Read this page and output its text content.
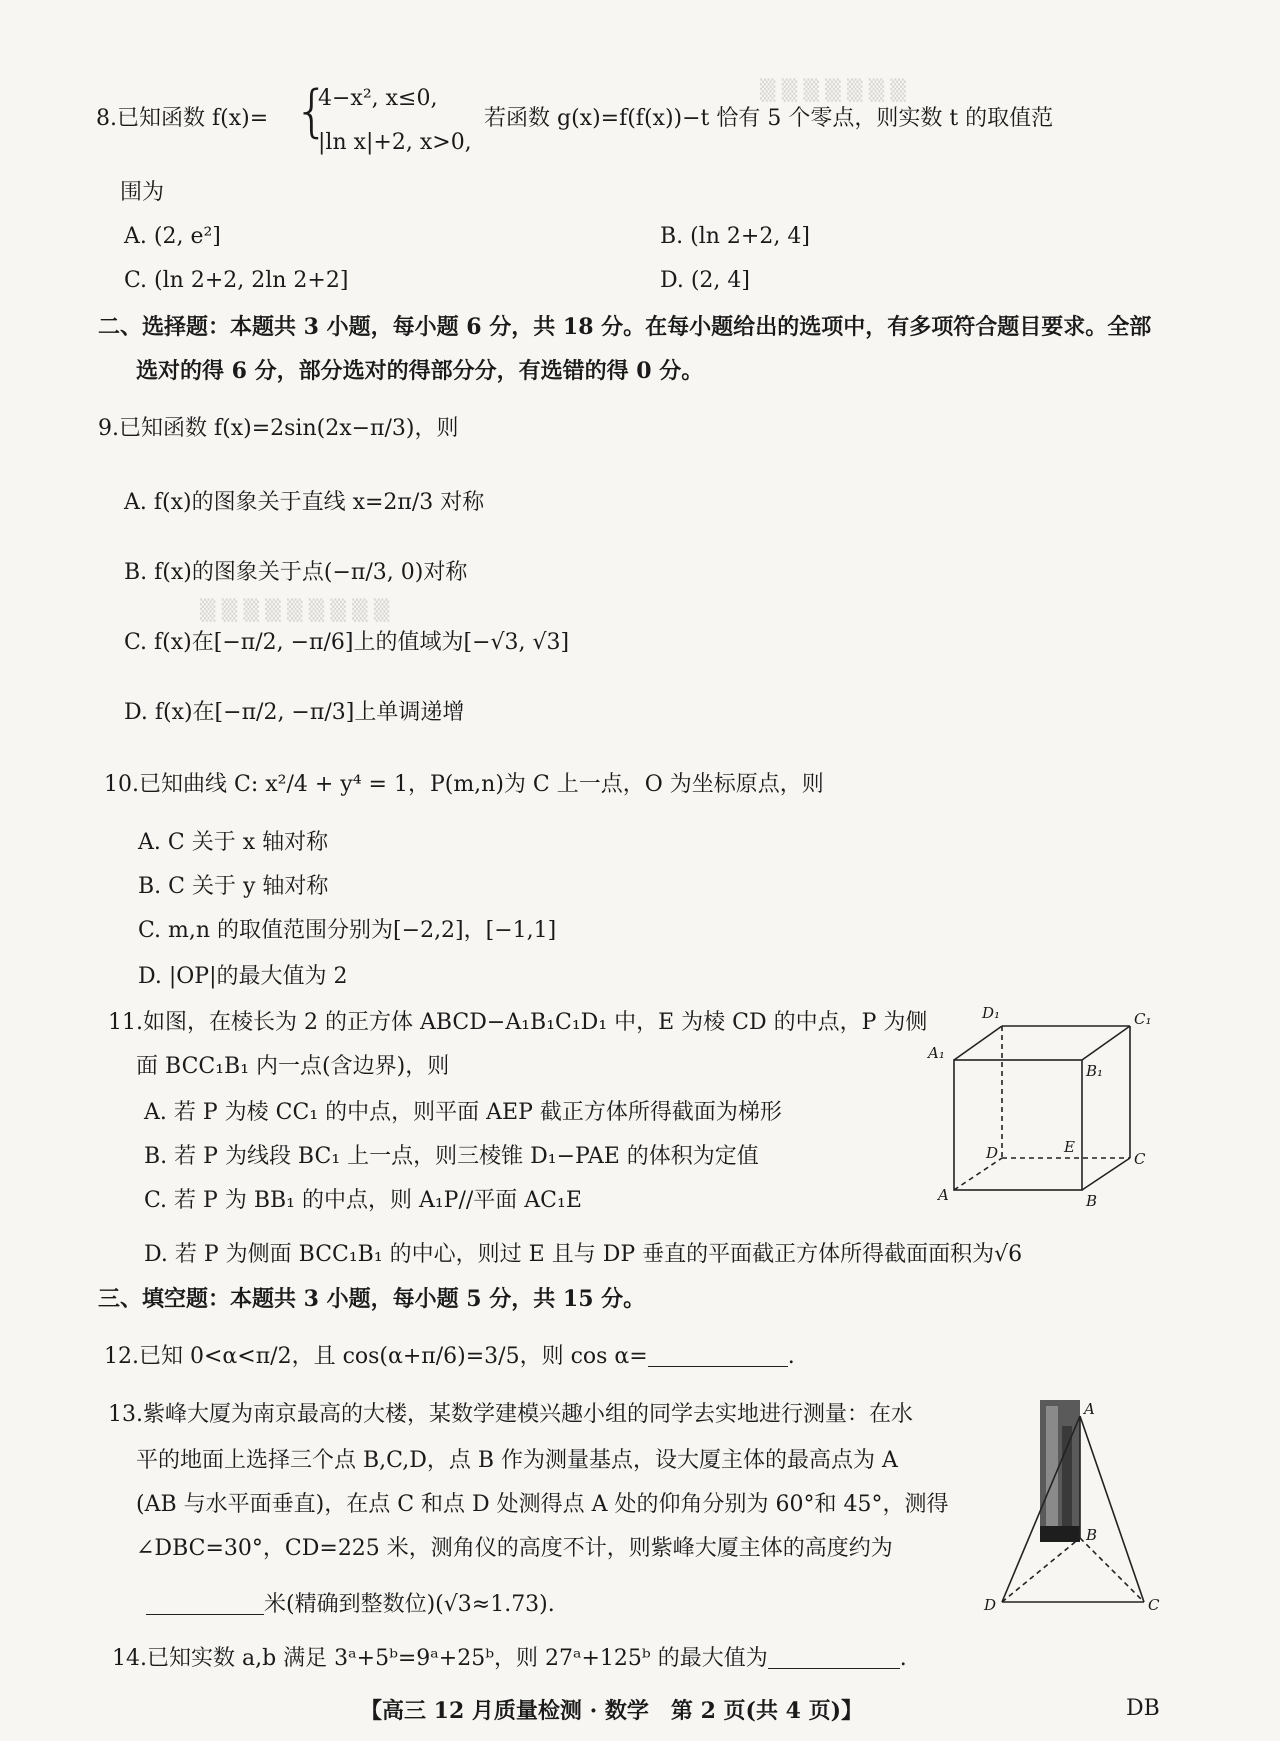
▒ ▒ ▒ ▒ ▒ ▒ ▒
▒ ▒ ▒ ▒ ▒ ▒ ▒ ▒ ▒
8.已知函数 f(x)= {
4−x², x≤0,
|ln x|+2, x>0,
若函数 g(x)=f(f(x))−t 恰有 5 个零点，则实数 t 的取值范
围为
A. (2, e²]	B. (ln 2+2, 4]
C. (ln 2+2, 2ln 2+2]	D. (2, 4]
二、选择题：本题共 3 小题，每小题 6 分，共 18 分。在每小题给出的选项中，有多项符合题目要求。全部
选对的得 6 分，部分选对的得部分分，有选错的得 0 分。
9.已知函数 f(x)=2sin(2x−π/3)，则
A. f(x)的图象关于直线 x=2π/3 对称
B. f(x)的图象关于点(−π/3, 0)对称
C. f(x)在[−π/2, −π/6]上的值域为[−√3, √3]
D. f(x)在[−π/2, −π/3]上单调递增
10.已知曲线 C: x²/4 + y⁴ = 1，P(m,n)为 C 上一点，O 为坐标原点，则
A. C 关于 x 轴对称
B. C 关于 y 轴对称
C. m,n 的取值范围分别为[−2,2]，[−1,1]
D. |OP|的最大值为 2
11.如图，在棱长为 2 的正方体 ABCD−A₁B₁C₁D₁ 中，E 为棱 CD 的中点，P 为侧
面 BCC₁B₁ 内一点(含边界)，则
A. 若 P 为棱 CC₁ 的中点，则平面 AEP 截正方体所得截面为梯形
B. 若 P 为线段 BC₁ 上一点，则三棱锥 D₁−PAE 的体积为定值
C. 若 P 为 BB₁ 的中点，则 A₁P//平面 AC₁E
D. 若 P 为侧面 BCC₁B₁ 的中心，则过 E 且与 DP 垂直的平面截正方体所得截面面积为√6
D₁	C₁
A₁
B₁
D	E
C
A	B
三、填空题：本题共 3 小题，每小题 5 分，共 15 分。
12.已知 0<α<π/2，且 cos(α+π/6)=3/5，则 cos α=	.
13.紫峰大厦为南京最高的大楼，某数学建模兴趣小组的同学去实地进行测量：在水
平的地面上选择三个点 B,C,D，点 B 作为测量基点，设大厦主体的最高点为 A
(AB 与水平面垂直)，在点 C 和点 D 处测得点 A 处的仰角分别为 60°和 45°，测得
∠DBC=30°，CD=225 米，测角仪的高度不计，则紫峰大厦主体的高度约为
米(精确到整数位)(√3≈1.73).
A
B
C
D
14.已知实数 a,b 满足 3ᵃ+5ᵇ=9ᵃ+25ᵇ，则 27ᵃ+125ᵇ 的最大值为	.
【高三 12 月质量检测 · 数学　第 2 页(共 4 页)】	DB
